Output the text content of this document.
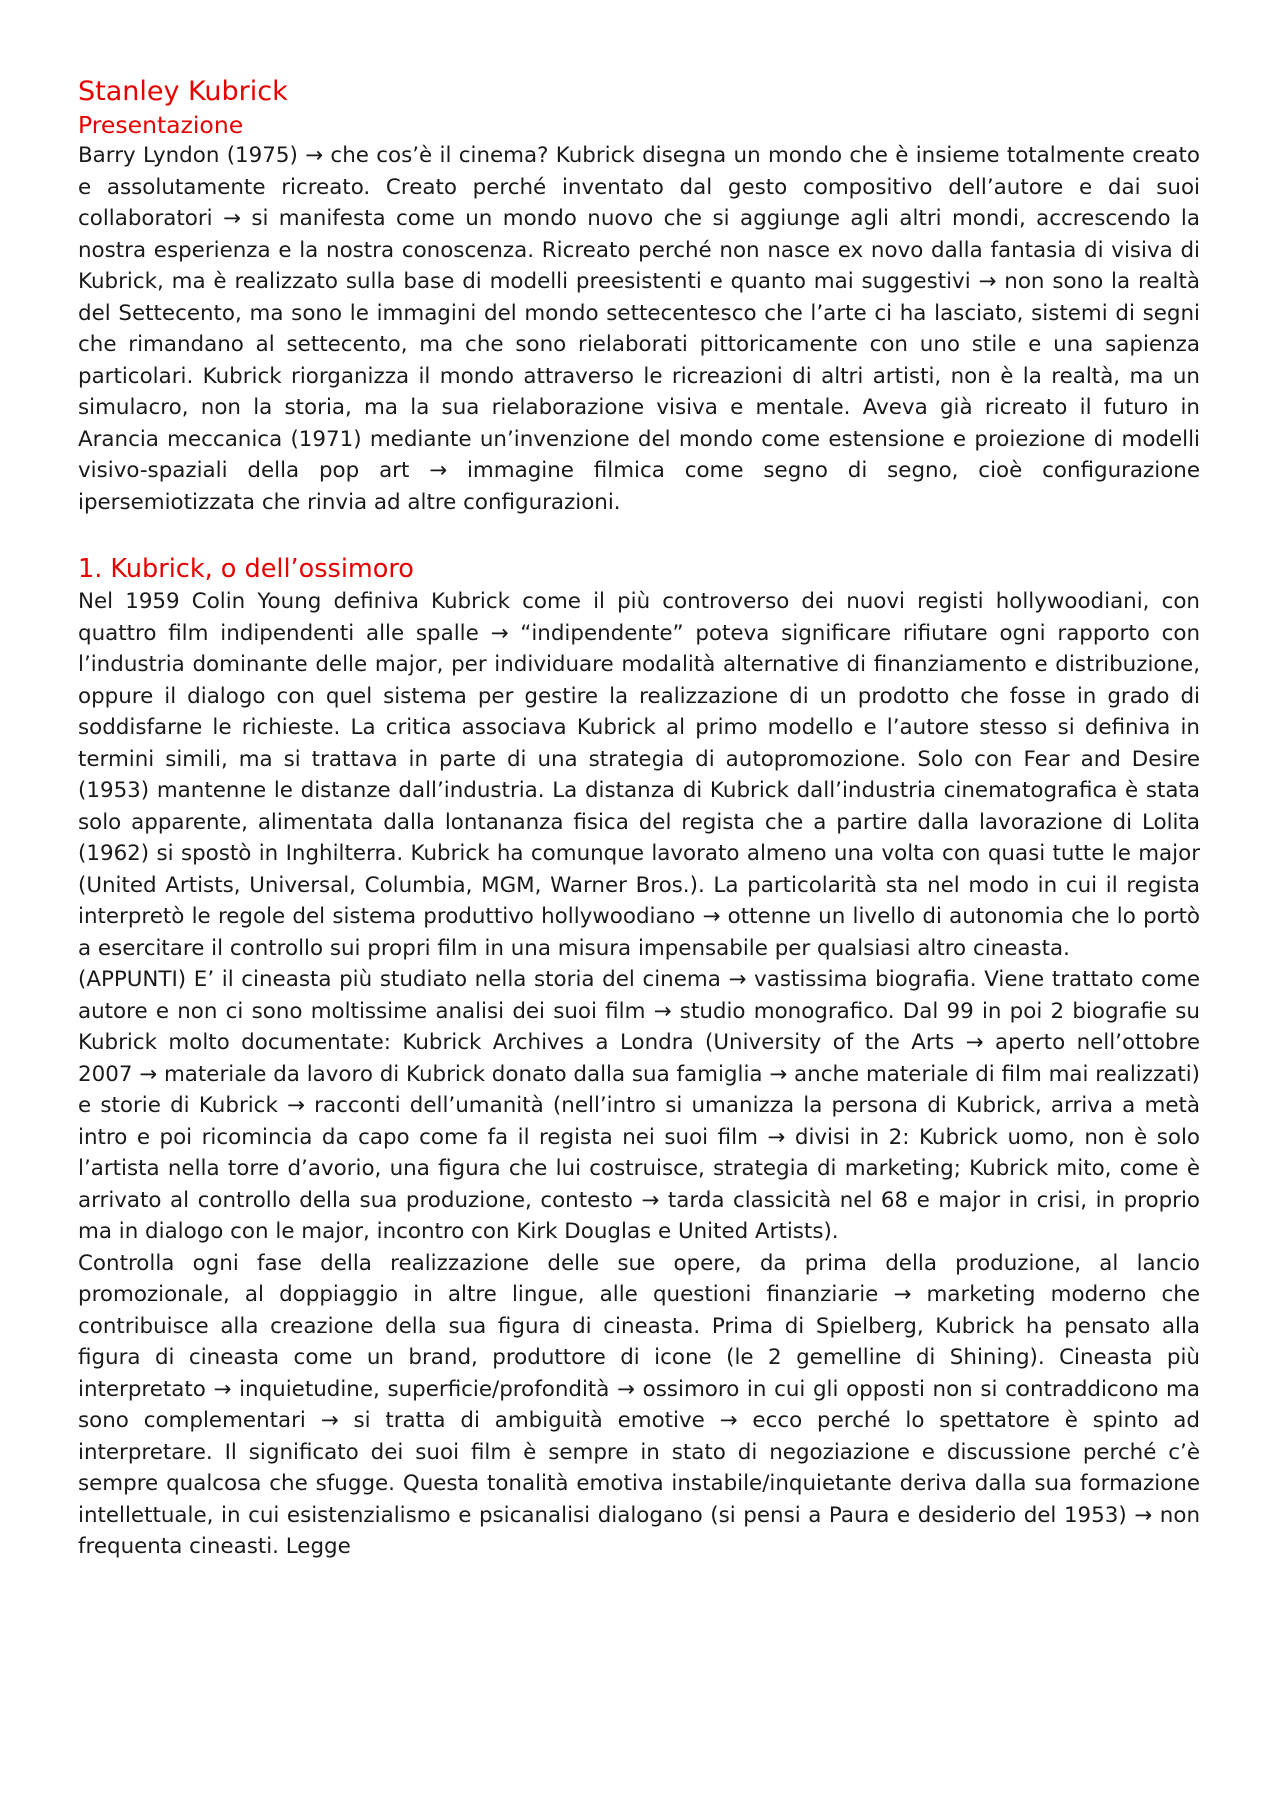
Stanley Kubrick
Presentazione

Barry Lyndon (1975) → che cos’è il cinema? Kubrick disegna un mondo che è insieme totalmente creato e assolutamente ricreato. Creato perché inventato dal gesto compositivo dell’autore e dai suoi collaboratori → si manifesta come un mondo nuovo che si aggiunge agli altri mondi, accrescendo la nostra esperienza e la nostra conoscenza. Ricreato perché non nasce ex novo dalla fantasia di visiva di Kubrick, ma è realizzato sulla base di modelli preesistenti e quanto mai suggestivi → non sono la realtà del Settecento, ma sono le immagini del mondo settecentesco che l’arte ci ha lasciato, sistemi di segni che rimandano al settecento, ma che sono rielaborati pittoricamente con uno stile e una sapienza particolari. Kubrick riorganizza il mondo attraverso le ricreazioni di altri artisti, non è la realtà, ma un simulacro, non la storia, ma la sua rielaborazione visiva e mentale. Aveva già ricreato il futuro in Arancia meccanica (1971) mediante un’invenzione del mondo come estensione e proiezione di modelli visivo-spaziali della pop art → immagine filmica come segno di segno, cioè configurazione ipersemiotizzata che rinvia ad altre configurazioni.

1. Kubrick, o dell’ossimoro

Nel 1959 Colin Young definiva Kubrick come il più controverso dei nuovi registi hollywoodiani, con quattro film indipendenti alle spalle → “indipendente” poteva significare rifiutare ogni rapporto con l’industria dominante delle major, per individuare modalità alternative di finanziamento e distribuzione, oppure il dialogo con quel sistema per gestire la realizzazione di un prodotto che fosse in grado di soddisfarne le richieste. La critica associava Kubrick al primo modello e l’autore stesso si definiva in termini simili, ma si trattava in parte di una strategia di autopromozione. Solo con Fear and Desire (1953) mantenne le distanze dall’industria. La distanza di Kubrick dall’industria cinematografica è stata solo apparente, alimentata dalla lontananza fisica del regista che a partire dalla lavorazione di Lolita (1962) si spostò in Inghilterra. Kubrick ha comunque lavorato almeno una volta con quasi tutte le major (United Artists, Universal, Columbia, MGM, Warner Bros.). La particolarità sta nel modo in cui il regista interpretò le regole del sistema produttivo hollywoodiano → ottenne un livello di autonomia che lo portò a esercitare il controllo sui propri film in una misura impensabile per qualsiasi altro cineasta.

(APPUNTI) E’ il cineasta più studiato nella storia del cinema → vastissima biografia. Viene trattato come autore e non ci sono moltissime analisi dei suoi film → studio monografico. Dal 99 in poi 2 biografie su Kubrick molto documentate: Kubrick Archives a Londra (University of the Arts → aperto nell’ottobre 2007 → materiale da lavoro di Kubrick donato dalla sua famiglia → anche materiale di film mai realizzati) e storie di Kubrick → racconti dell’umanità (nell’intro si umanizza la persona di Kubrick, arriva a metà intro e poi ricomincia da capo come fa il regista nei suoi film → divisi in 2: Kubrick uomo, non è solo l’artista nella torre d’avorio, una figura che lui costruisce, strategia di marketing; Kubrick mito, come è arrivato al controllo della sua produzione, contesto → tarda classicità nel 68 e major in crisi, in proprio ma in dialogo con le major, incontro con Kirk Douglas e United Artists).

Controlla ogni fase della realizzazione delle sue opere, da prima della produzione, al lancio promozionale, al doppiaggio in altre lingue, alle questioni finanziarie → marketing moderno che contribuisce alla creazione della sua figura di cineasta. Prima di Spielberg, Kubrick ha pensato alla figura di cineasta come un brand, produttore di icone (le 2 gemelline di Shining). Cineasta più interpretato → inquietudine, superficie/profondità → ossimoro in cui gli opposti non si contraddicono ma sono complementari → si tratta di ambiguità emotive → ecco perché lo spettatore è spinto ad interpretare. Il significato dei suoi film è sempre in stato di negoziazione e discussione perché c’è sempre qualcosa che sfugge. Questa tonalità emotiva instabile/inquietante deriva dalla sua formazione intellettuale, in cui esistenzialismo e psicanalisi dialogano (si pensi a Paura e desiderio del 1953) → non frequenta cineasti. Legge
